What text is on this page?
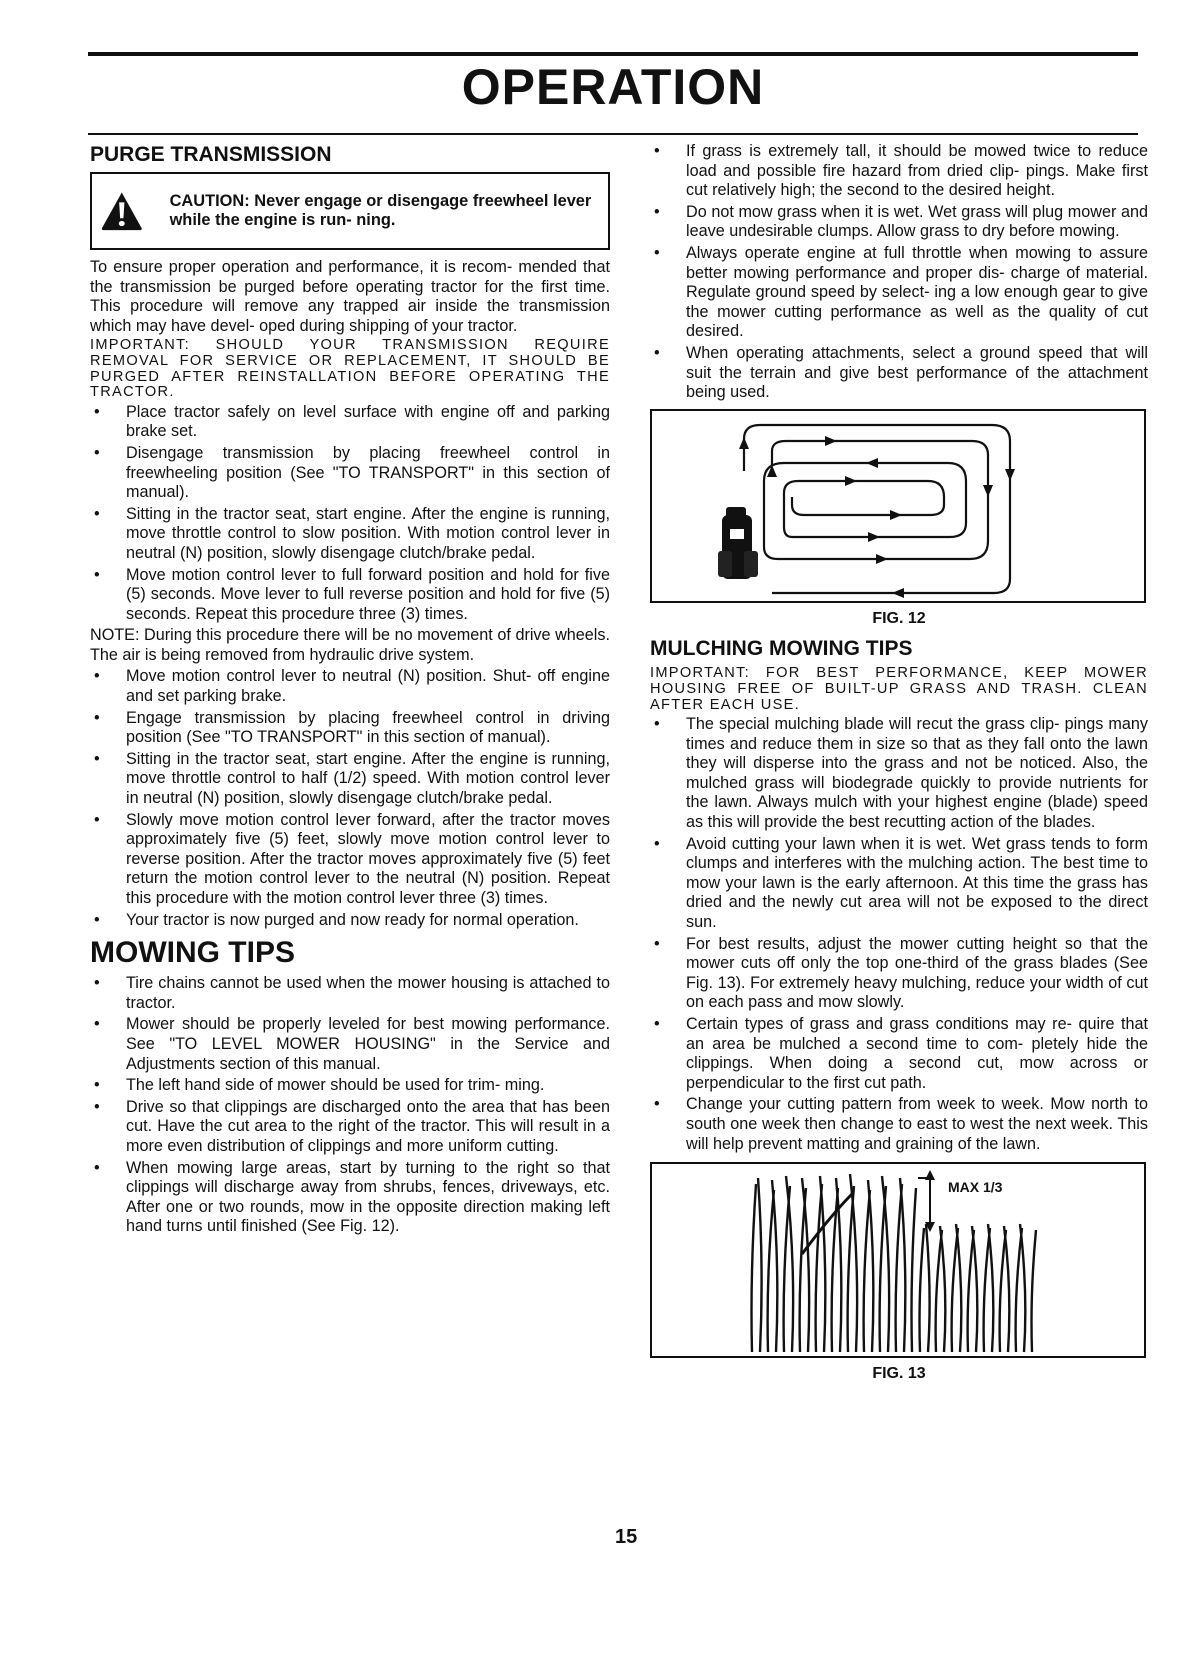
OPERATION
PURGE TRANSMISSION
CAUTION: Never engage or disengage freewheel lever while the engine is run- ning.

To ensure proper operation and performance, it is recom- mended that the transmission be purged before operating tractor for the first time. This procedure will remove any trapped air inside the transmission which may have devel- oped during shipping of your tractor.

IMPORTANT: SHOULD YOUR TRANSMISSION REQUIRE REMOVAL FOR SERVICE OR REPLACEMENT, IT SHOULD BE PURGED AFTER REINSTALLATION BEFORE OPERATING THE TRACTOR.

• Place tractor safely on level surface with engine off and parking brake set.
• Disengage transmission by placing freewheel control in freewheeling position (See "TO TRANSPORT" in this section of manual).
• Sitting in the tractor seat, start engine. After the engine is running, move throttle control to slow position. With motion control lever in neutral (N) position, slowly disengage clutch/brake pedal.
• Move motion control lever to full forward position and hold for five (5) seconds. Move lever to full reverse position and hold for five (5) seconds. Repeat this procedure three (3) times.

NOTE: During this procedure there will be no movement of drive wheels. The air is being removed from hydraulic drive system.

• Move motion control lever to neutral (N) position. Shut- off engine and set parking brake.
• Engage transmission by placing freewheel control in driving position (See "TO TRANSPORT" in this section of manual).
• Sitting in the tractor seat, start engine. After the engine is running, move throttle control to half (1/2) speed. With motion control lever in neutral (N) position, slowly disengage clutch/brake pedal.
• Slowly move motion control lever forward, after the tractor moves approximately five (5) feet, slowly move motion control lever to reverse position. After the tractor moves approximately five (5) feet return the motion control lever to the neutral (N) position. Repeat this procedure with the motion control lever three (3) times.
• Your tractor is now purged and now ready for normal operation.
MOWING TIPS
• Tire chains cannot be used when the mower housing is attached to tractor.
• Mower should be properly leveled for best mowing performance. See "TO LEVEL MOWER HOUSING" in the Service and Adjustments section of this manual.
• The left hand side of mower should be used for trim- ming.
• Drive so that clippings are discharged onto the area that has been cut. Have the cut area to the right of the tractor. This will result in a more even distribution of clippings and more uniform cutting.
• When mowing large areas, start by turning to the right so that clippings will discharge away from shrubs, fences, driveways, etc. After one or two rounds, mow in the opposite direction making left hand turns until finished (See Fig. 12).
• If grass is extremely tall, it should be mowed twice to reduce load and possible fire hazard from dried clip- pings. Make first cut relatively high; the second to the desired height.
• Do not mow grass when it is wet. Wet grass will plug mower and leave undesirable clumps. Allow grass to dry before mowing.
• Always operate engine at full throttle when mowing to assure better mowing performance and proper dis- charge of material. Regulate ground speed by select- ing a low enough gear to give the mower cutting performance as well as the quality of cut desired.
• When operating attachments, select a ground speed that will suit the terrain and give best performance of the attachment being used.
FIG. 12
MULCHING MOWING TIPS

IMPORTANT: FOR BEST PERFORMANCE, KEEP MOWER HOUSING FREE OF BUILT-UP GRASS AND TRASH. CLEAN AFTER EACH USE.

• The special mulching blade will recut the grass clip- pings many times and reduce them in size so that as they fall onto the lawn they will disperse into the grass and not be noticed. Also, the mulched grass will biodegrade quickly to provide nutrients for the lawn. Always mulch with your highest engine (blade) speed as this will provide the best recutting action of the blades.
• Avoid cutting your lawn when it is wet. Wet grass tends to form clumps and interferes with the mulching action. The best time to mow your lawn is the early afternoon. At this time the grass has dried and the newly cut area will not be exposed to the direct sun.
• For best results, adjust the mower cutting height so that the mower cuts off only the top one-third of the grass blades (See Fig. 13). For extremely heavy mulching, reduce your width of cut on each pass and mow slowly.
• Certain types of grass and grass conditions may re- quire that an area be mulched a second time to com- pletely hide the clippings. When doing a second cut, mow across or perpendicular to the first cut path.
• Change your cutting pattern from week to week. Mow north to south one week then change to east to west the next week. This will help prevent matting and graining of the lawn.
MAX 1/3
FIG. 13
15
